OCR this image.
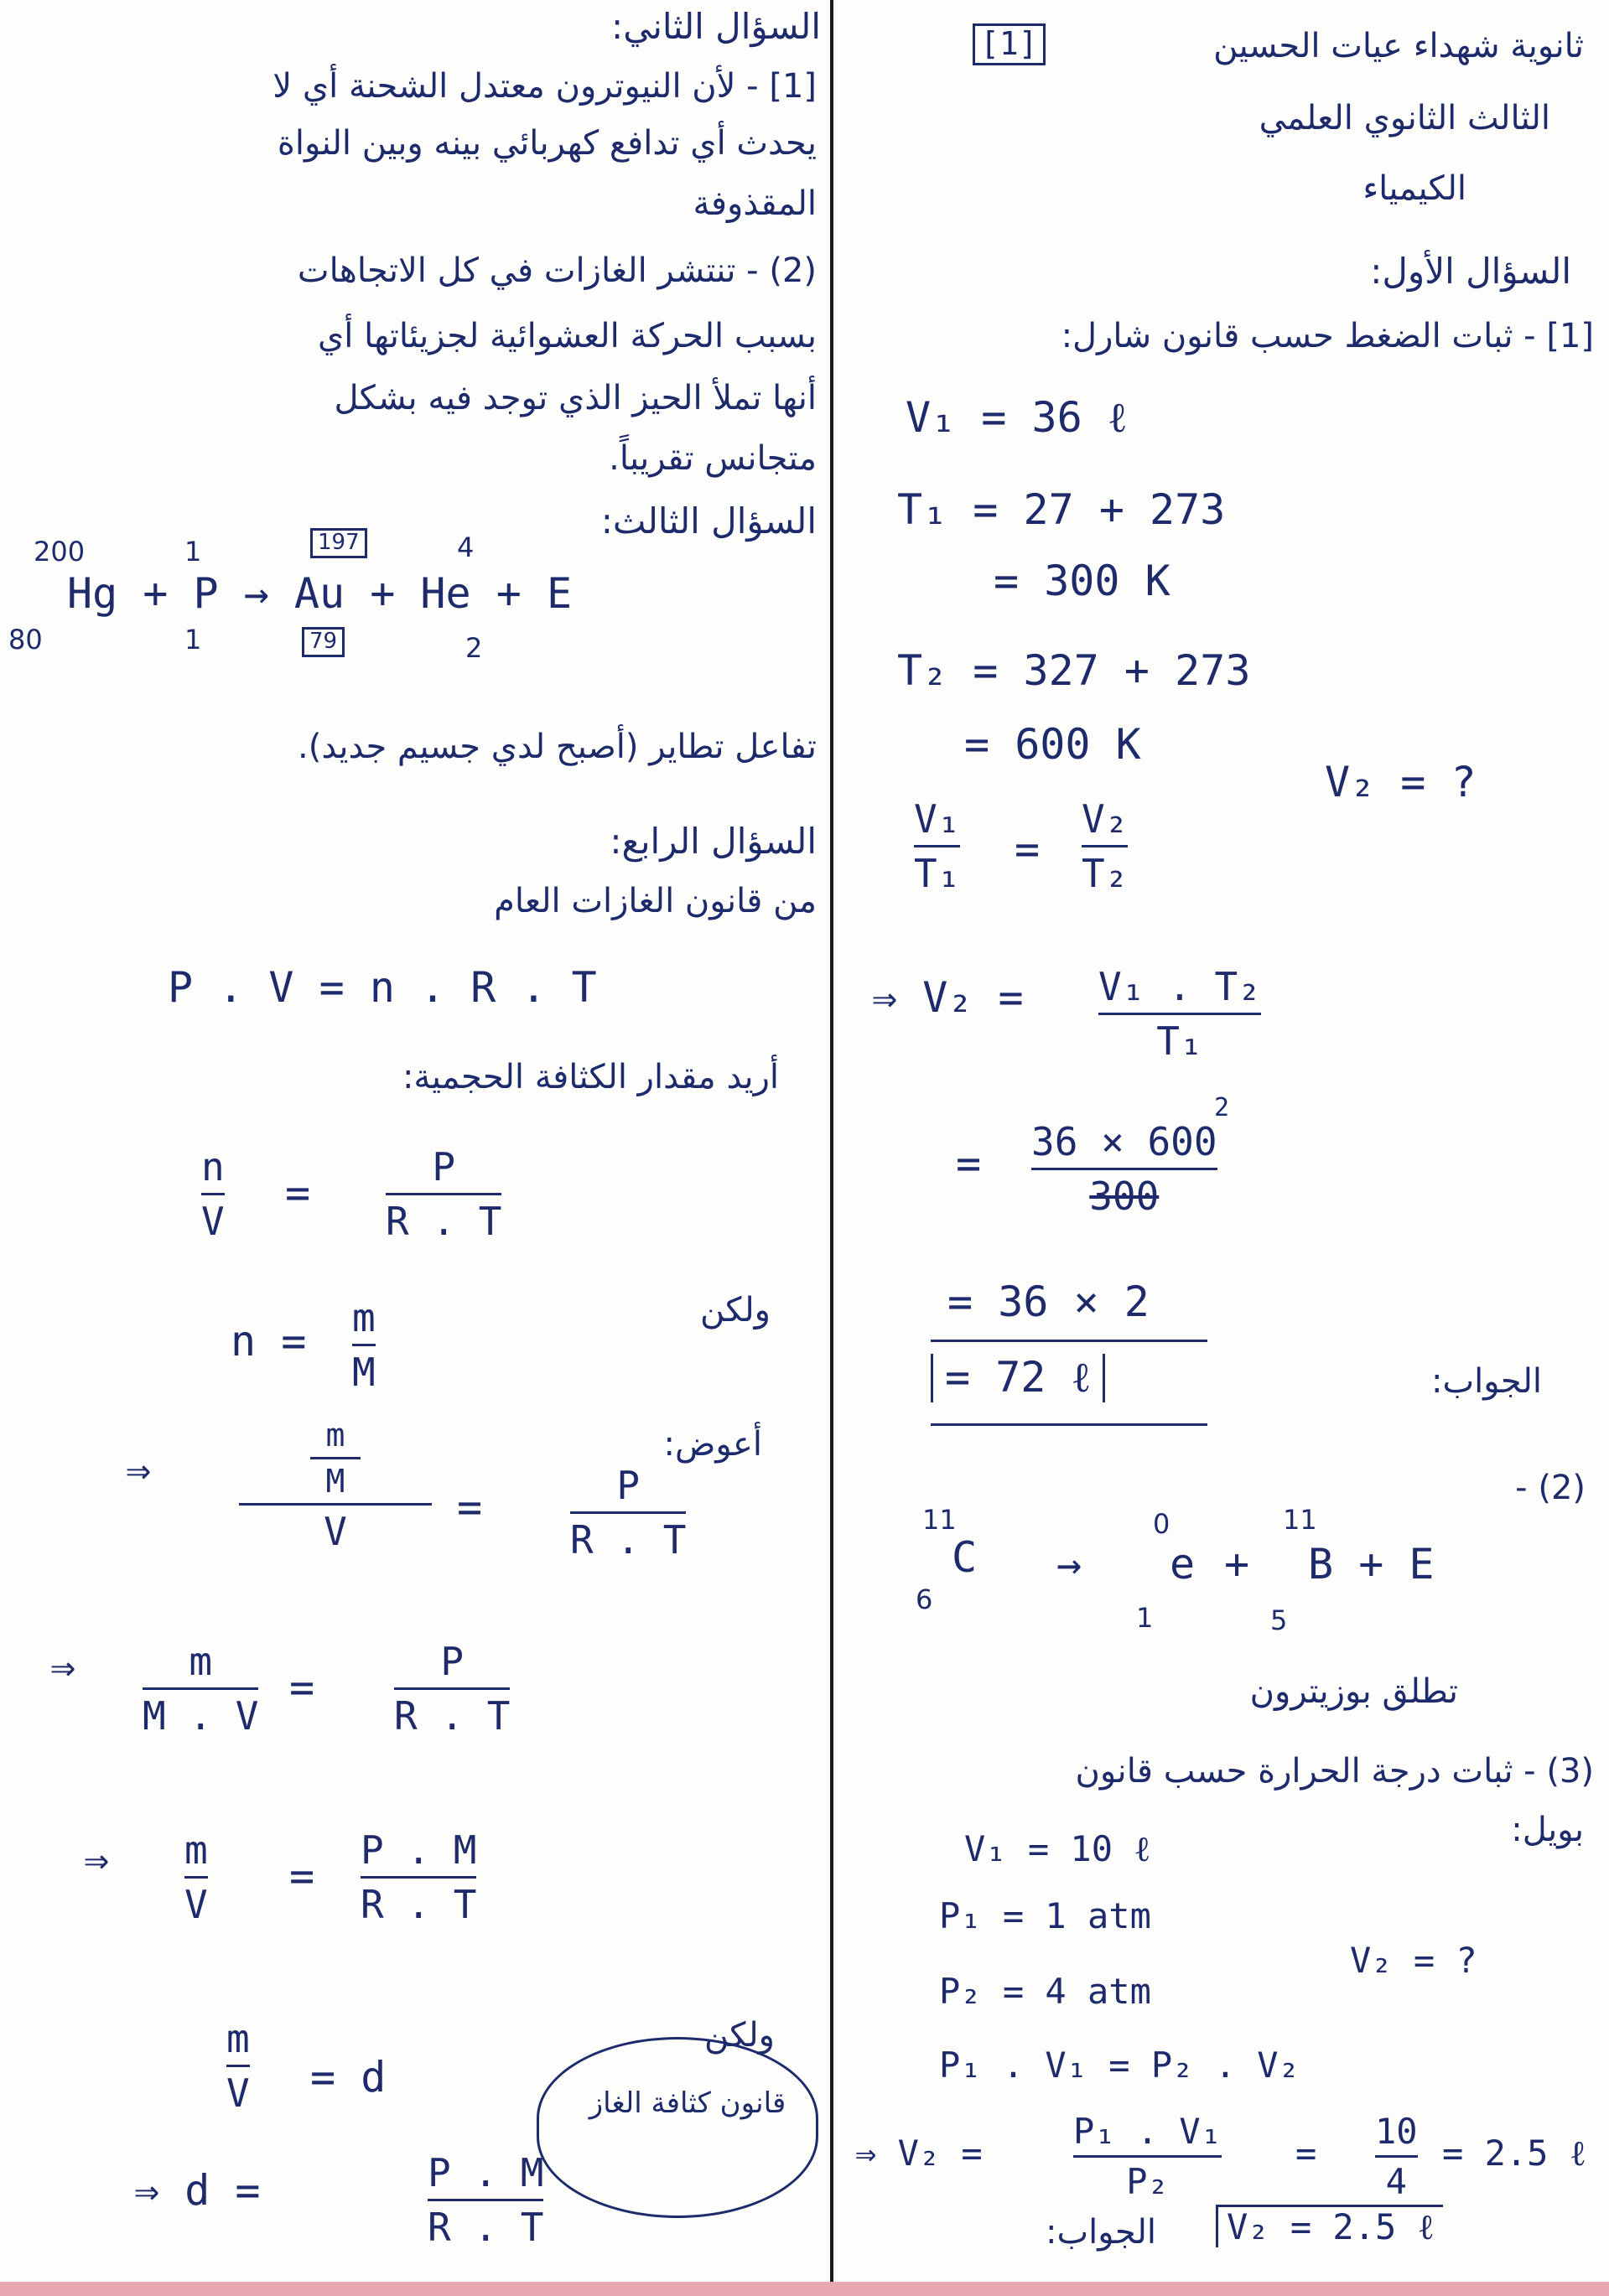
[1]	ثانوية شهداء عيات الحسين
الثالث الثانوي العلمي
الكيمياء
السؤال الأول:
[1] - ثبات الضغط حسب قانون شارل:
V₁ = 36 ℓ
T₁ = 27 + 273
= 300 K
T₂ = 327 + 273
= 600 K
V₂ = ?
V₁
T₁ =
V₂
T₂
⇒ V₂ = V₁ . T₂
T₁
=
2
36 × 600
300
= 36 × 2
= 72 ℓ	الجواب:
(2) -
11
C
6
→
0
e
1
+
11
B + E
5
تطلق بوزيترون
(3) - ثبات درجة الحرارة حسب قانون
بويل:
V₁ = 10 ℓ
P₁ = 1 atm
P₂ = 4 atm
V₂ = ?
P₁ . V₁ = P₂ . V₂
⇒ V₂ =
P₁ . V₁
P₂
=
10
4
= 2.5 ℓ
الجواب:	V₂ = 2.5 ℓ
السؤال الثاني:
[1] - لأن النيوترون معتدل الشحنة أي لا
يحدث أي تدافع كهربائي بينه وبين النواة
المقذوفة
(2) - تنتشر الغازات في كل الاتجاهات
بسبب الحركة العشوائية لجزيئاتها أي
أنها تملأ الحيز الذي توجد فيه بشكل
متجانس تقريباً.
السؤال الثالث:
200
80
1
1
197
79
4
2
Hg + P → Au + He + E
تفاعل تطاير (أصبح لدي جسيم جديد).
السؤال الرابع:
من قانون الغازات العام
P . V = n . R . T
أريد مقدار الكثافة الحجمية:
n
V
=
P
R . T
ولكن
n = m
M
أعوض:
⇒
m
M
V	=	P
R . T
⇒	m
M . V
=
P
R . T
⇒ m
V
=
P . M
R . T
ولكن
m
V = d
قانون كثافة الغاز
⇒ d =	P . M
R . T
